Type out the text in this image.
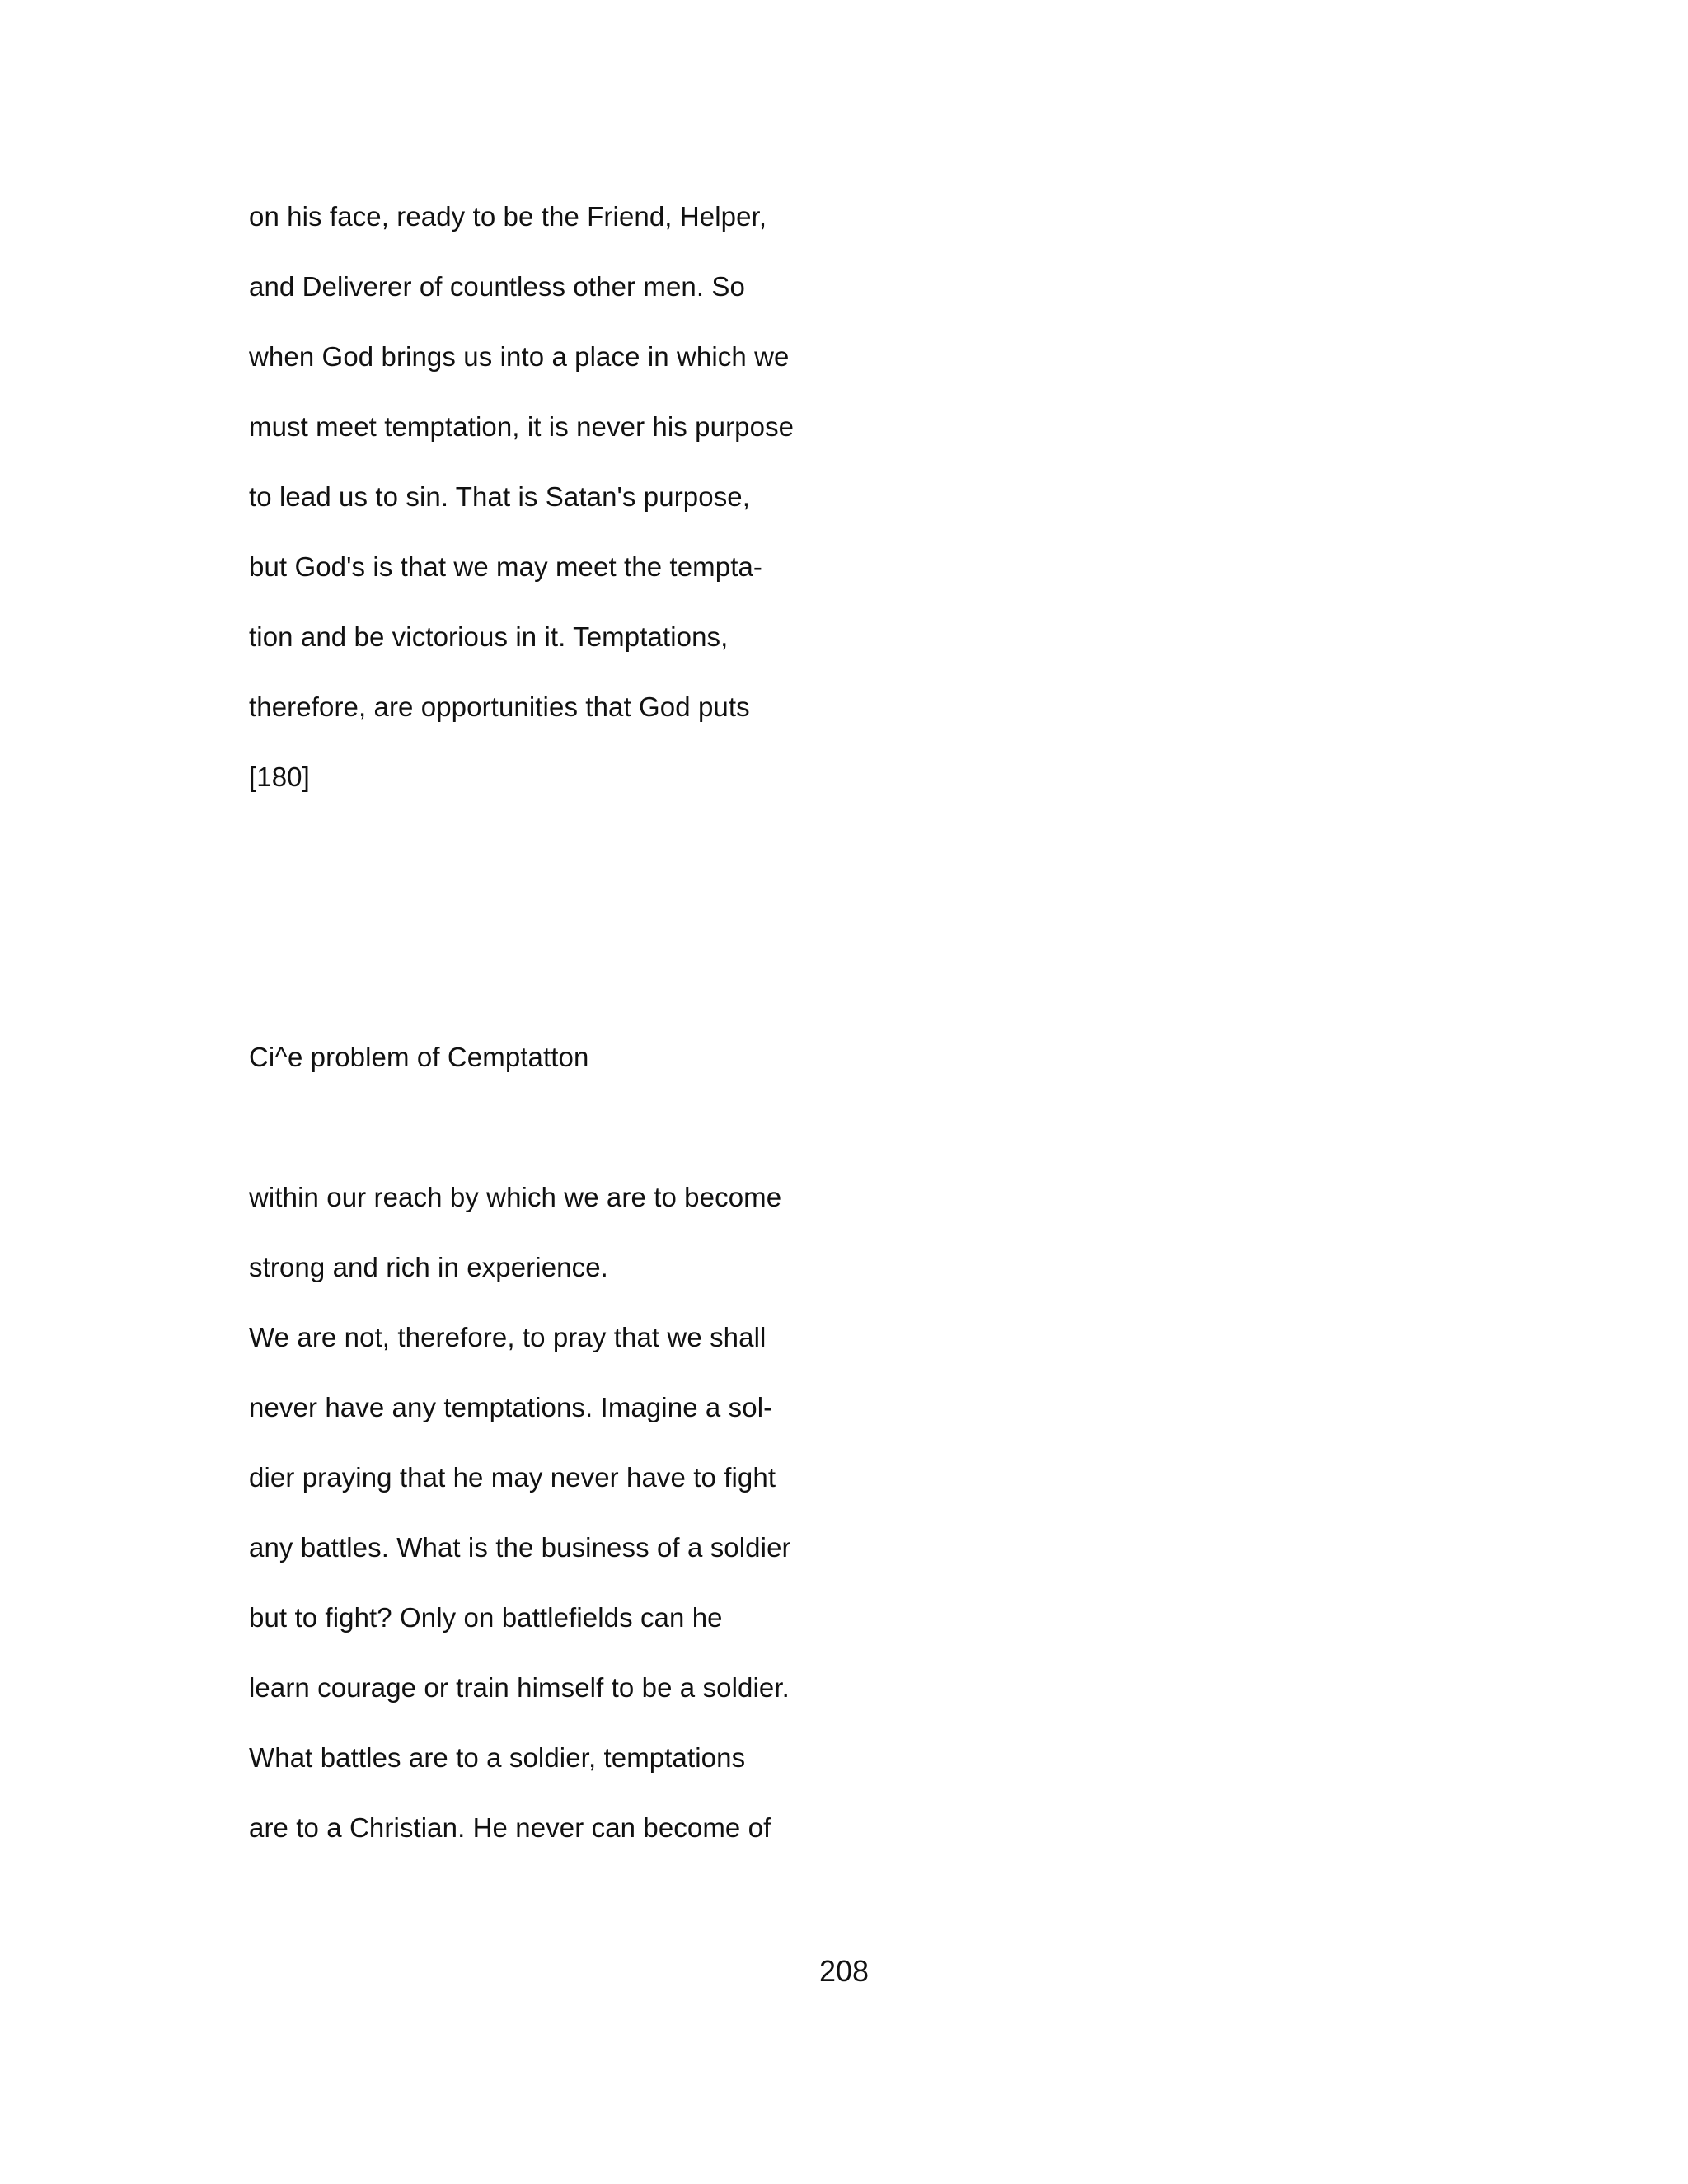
on his face, ready to be the Friend, Helper,
and Deliverer of countless other men. So
when God brings us into a place in which we
must meet temptation, it is never his purpose
to lead us to sin. That is Satan's purpose,
but God's is that we may meet the tempta-
tion and be victorious in it. Temptations,
therefore, are opportunities that God puts
[180]
Ci^e problem of Cemptatton
within our reach by which we are to become
strong and rich in experience.
We are not, therefore, to pray that we shall
never have any temptations. Imagine a sol-
dier praying that he may never have to fight
any battles. What is the business of a soldier
but to fight? Only on battlefields can he
learn courage or train himself to be a soldier.
What battles are to a soldier, temptations
are to a Christian. He never can become of
208
